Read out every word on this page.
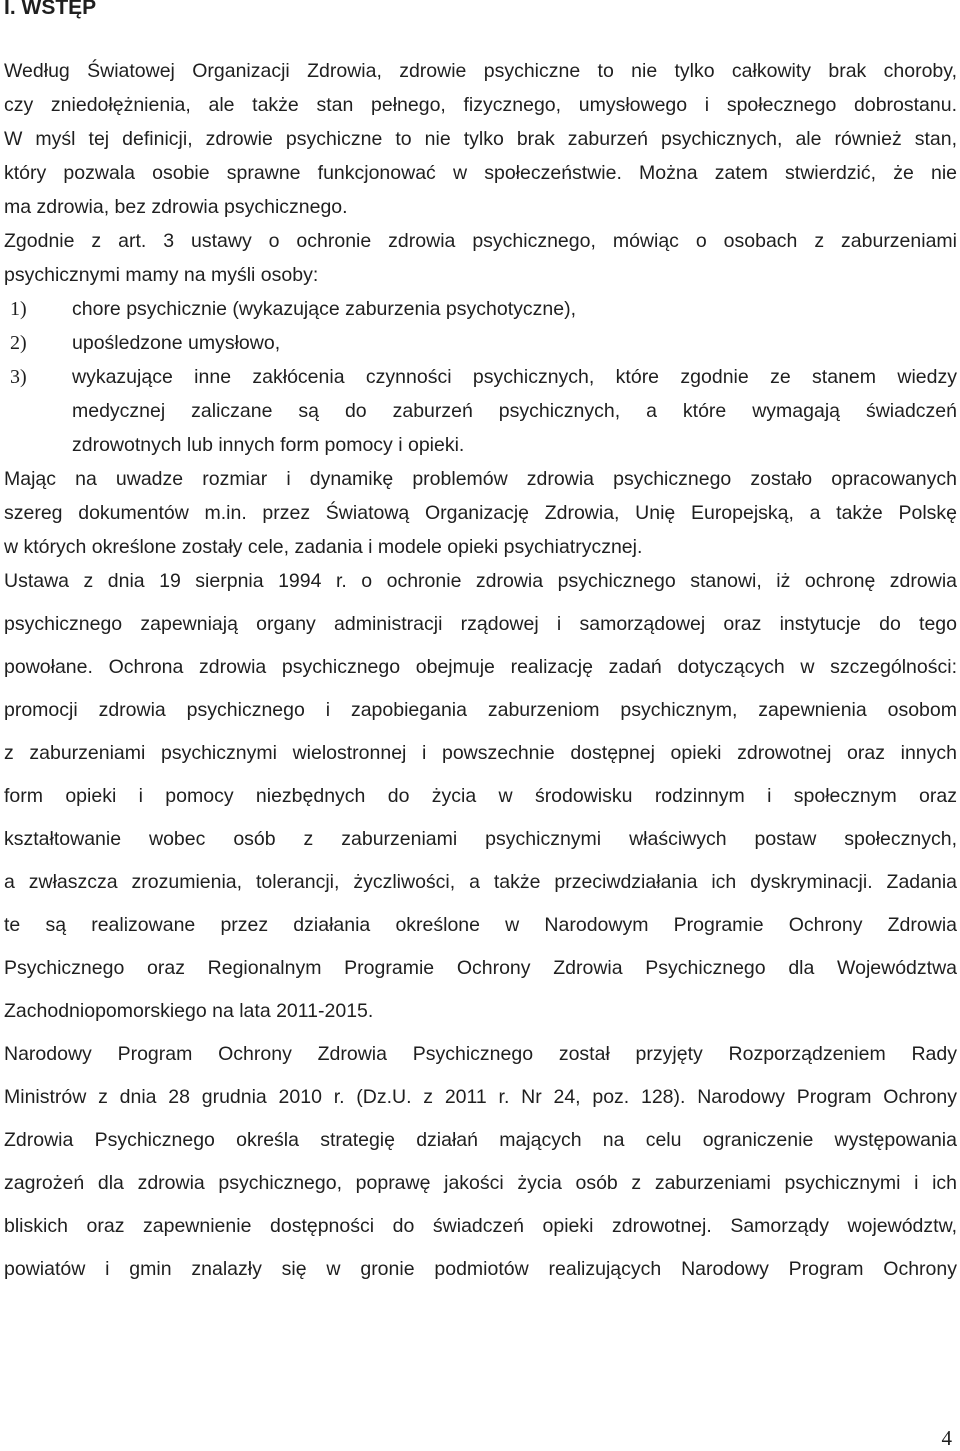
I. WSTĘP
Według Światowej Organizacji Zdrowia, zdrowie psychiczne to nie tylko całkowity brak choroby,
czy zniedołężnienia, ale także stan pełnego, fizycznego, umysłowego i społecznego dobrostanu.
W myśl tej definicji, zdrowie psychiczne to nie tylko brak zaburzeń psychicznych, ale również stan,
który pozwala osobie sprawne funkcjonować w społeczeństwie. Można zatem stwierdzić, że nie
ma zdrowia, bez zdrowia psychicznego.
Zgodnie z art. 3 ustawy o ochronie zdrowia psychicznego, mówiąc o osobach z zaburzeniami
psychicznymi mamy na myśli osoby:
1) chore psychicznie (wykazujące zaburzenia psychotyczne),
2) upośledzone umysłowo,
3) wykazujące inne zakłócenia czynności psychicznych, które zgodnie ze stanem wiedzy
medycznej zaliczane są do zaburzeń psychicznych, a które wymagają świadczeń
zdrowotnych lub innych form pomocy i opieki.
Mając na uwadze rozmiar i dynamikę problemów zdrowia psychicznego zostało opracowanych
szereg dokumentów m.in. przez Światową Organizację Zdrowia, Unię Europejską, a także Polskę
w których określone zostały cele, zadania i modele opieki psychiatrycznej.
Ustawa z dnia 19 sierpnia 1994 r. o ochronie zdrowia psychicznego stanowi, iż ochronę zdrowia
psychicznego zapewniają organy administracji rządowej i samorządowej oraz instytucje do tego
powołane. Ochrona zdrowia psychicznego obejmuje realizację zadań dotyczących w szczególności:
promocji zdrowia psychicznego i zapobiegania zaburzeniom psychicznym, zapewnienia osobom
z zaburzeniami psychicznymi wielostronnej i powszechnie dostępnej opieki zdrowotnej oraz innych
form opieki i pomocy niezbędnych do życia w środowisku rodzinnym i społecznym oraz
kształtowanie wobec osób z zaburzeniami psychicznymi właściwych postaw społecznych,
a zwłaszcza zrozumienia, tolerancji, życzliwości, a także przeciwdziałania ich dyskryminacji. Zadania
te są realizowane przez działania określone w Narodowym Programie Ochrony Zdrowia
Psychicznego oraz Regionalnym Programie Ochrony Zdrowia Psychicznego dla Województwa
Zachodniopomorskiego na lata 2011-2015.
Narodowy Program Ochrony Zdrowia Psychicznego został przyjęty Rozporządzeniem Rady
Ministrów z dnia 28 grudnia 2010 r. (Dz.U. z 2011 r. Nr 24, poz. 128). Narodowy Program Ochrony
Zdrowia Psychicznego określa strategię działań mających na celu ograniczenie występowania
zagrożeń dla zdrowia psychicznego, poprawę jakości życia osób z zaburzeniami psychicznymi i ich
bliskich oraz zapewnienie dostępności do świadczeń opieki zdrowotnej. Samorządy województw,
powiatów i gmin znalazły się w gronie podmiotów realizujących Narodowy Program Ochrony
4
